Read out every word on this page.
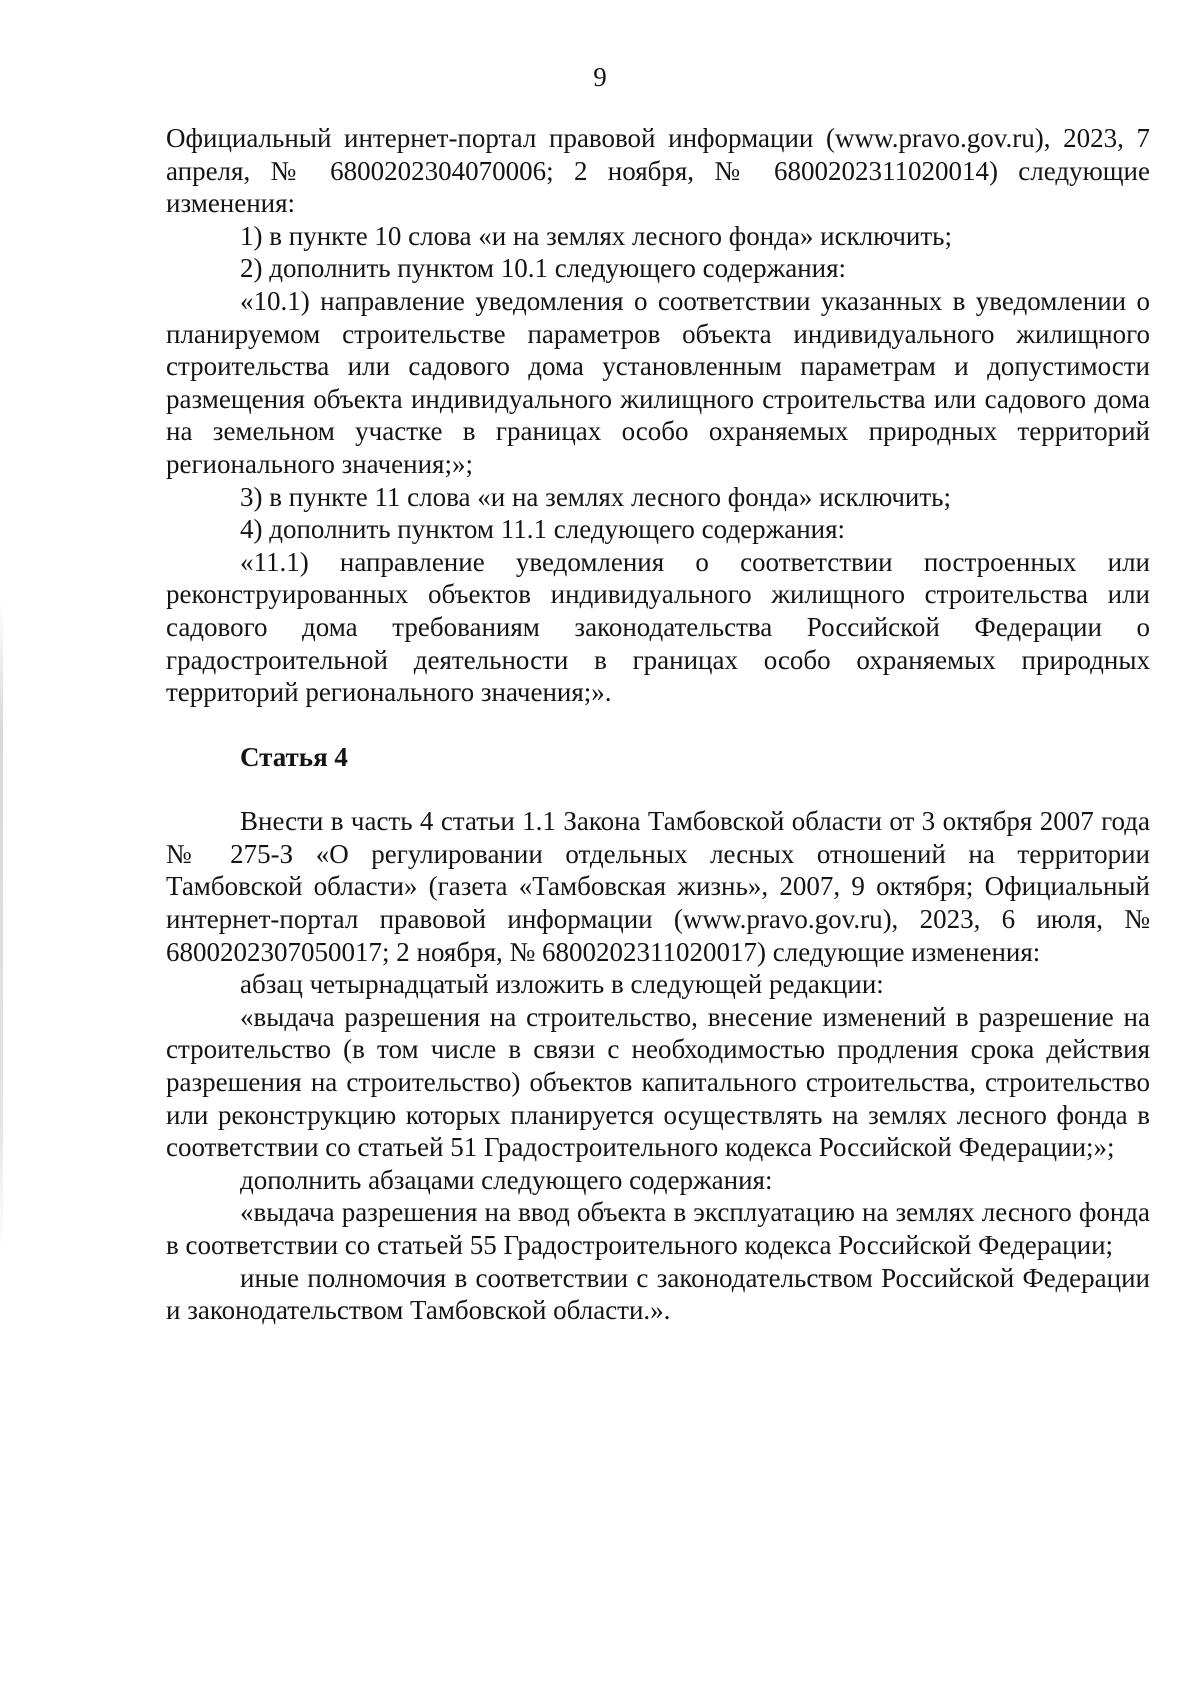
9

Официальный интернет-портал правовой информации (www.pravo.gov.ru), 2023, 7 апреля, № 6800202304070006; 2 ноября, № 6800202311020014) следующие изменения:

1) в пункте 10 слова «и на землях лесного фонда» исключить;

2) дополнить пунктом 10.1 следующего содержания:

«10.1) направление уведомления о соответствии указанных в уведомлении о планируемом строительстве параметров объекта индивидуального жилищного строительства или садового дома установленным параметрам и допустимости размещения объекта индивидуального жилищного строительства или садового дома на земельном участке в границах особо охраняемых природных территорий регионального значения;»;

3) в пункте 11 слова «и на землях лесного фонда» исключить;

4) дополнить пунктом 11.1 следующего содержания:

«11.1) направление уведомления о соответствии построенных или реконструированных объектов индивидуального жилищного строительства или садового дома требованиям законодательства Российской Федерации о градостроительной деятельности в границах особо охраняемых природных территорий регионального значения;».

Статья 4

Внести в часть 4 статьи 1.1 Закона Тамбовской области от 3 октября 2007 года № 275-З «О регулировании отдельных лесных отношений на территории Тамбовской области» (газета «Тамбовская жизнь», 2007, 9 октября; Официальный интернет-портал правовой информации (www.pravo.gov.ru), 2023, 6 июля, № 6800202307050017; 2 ноября, № 6800202311020017) следующие изменения:

абзац четырнадцатый изложить в следующей редакции:

«выдача разрешения на строительство, внесение изменений в разрешение на строительство (в том числе в связи с необходимостью продления срока действия разрешения на строительство) объектов капитального строительства, строительство или реконструкцию которых планируется осуществлять на землях лесного фонда в соответствии со статьей 51 Градостроительного кодекса Российской Федерации;»;

дополнить абзацами следующего содержания:

«выдача разрешения на ввод объекта в эксплуатацию на землях лесного фонда в соответствии со статьей 55 Градостроительного кодекса Российской Федерации;

иные полномочия в соответствии с законодательством Российской Федерации и законодательством Тамбовской области.».
